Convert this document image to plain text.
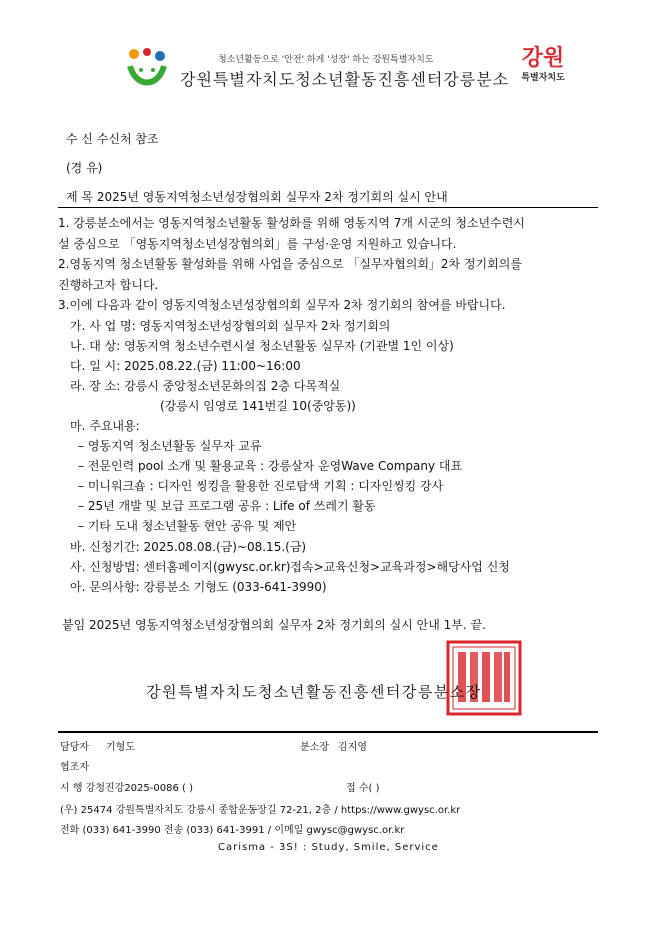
청소년활동으로 '안전' 하게 '성장' 하는 강원특별자치도
강원특별자치도청소년활동진흥센터강릉분소
강원
특별자치도
수 신 수신처 참조
(경 유)
제 목 2025년 영동지역청소년성장협의회 실무자 2차 정기회의 실시 안내
1. 강릉분소에서는 영동지역청소년활동 활성화를 위해 영동지역 7개 시군의 청소년수련시
설 중심으로 「영동지역청소년성장협의회」를 구성·운영 지원하고 있습니다.
2.영동지역 청소년활동 활성화를 위해 사업을 중심으로 「실무자협의회」2차 정기회의를
진행하고자 합니다.
3.이에 다음과 같이 영동지역청소년성장협의회 실무자 2차 정기회의 참여를 바랍니다.
가. 사 업 명: 영동지역청소년성장협의회 실무자 2차 정기회의
나. 대 상: 영동지역 청소년수련시설 청소년활동 실무자 (기관별 1인 이상)
다. 일 시: 2025.08.22.(금) 11:00~16:00
라. 장 소: 강릉시 중앙청소년문화의집 2층 다목적실
(강릉시 임영로 141번길 10(중앙동))
마. 주요내용:
– 영동지역 청소년활동 실무자 교류
– 전문인력 pool 소개 및 활용교육 : 강릉살자 운영Wave Company 대표
– 미니워크숍 : 디자인 씽킹을 활용한 진로탐색 기획 : 디자인씽킹 강사
– 25년 개발 및 보급 프로그램 공유 : Life of 쓰레기 활동
– 기타 도내 청소년활동 현안 공유 및 제안
바. 신청기간: 2025.08.08.(금)~08.15.(금)
사. 신청방법: 센터홈페이지(gwysc.or.kr)접속>교육신청>교육과정>해당사업 신청
아. 문의사항: 강릉분소 기형도 (033-641-3990)
붙임 2025년 영동지역청소년성장협의회 실무자 2차 정기회의 실시 안내 1부. 끝.
강원특별자치도청소년활동진흥센터강릉분소장
담당자 기형도	분소장 김지영
협조자
시 행 강청진강2025-0086 ( )	접 수( )
(우) 25474 강원특별자치도 강릉시 종합운동장길 72-21, 2층 / https://www.gwysc.or.kr
전화 (033) 641-3990 전송 (033) 641-3991 / 이메일 gwysc@gwysc.or.kr
Carisma - 3S! : Study, Smile, Service
